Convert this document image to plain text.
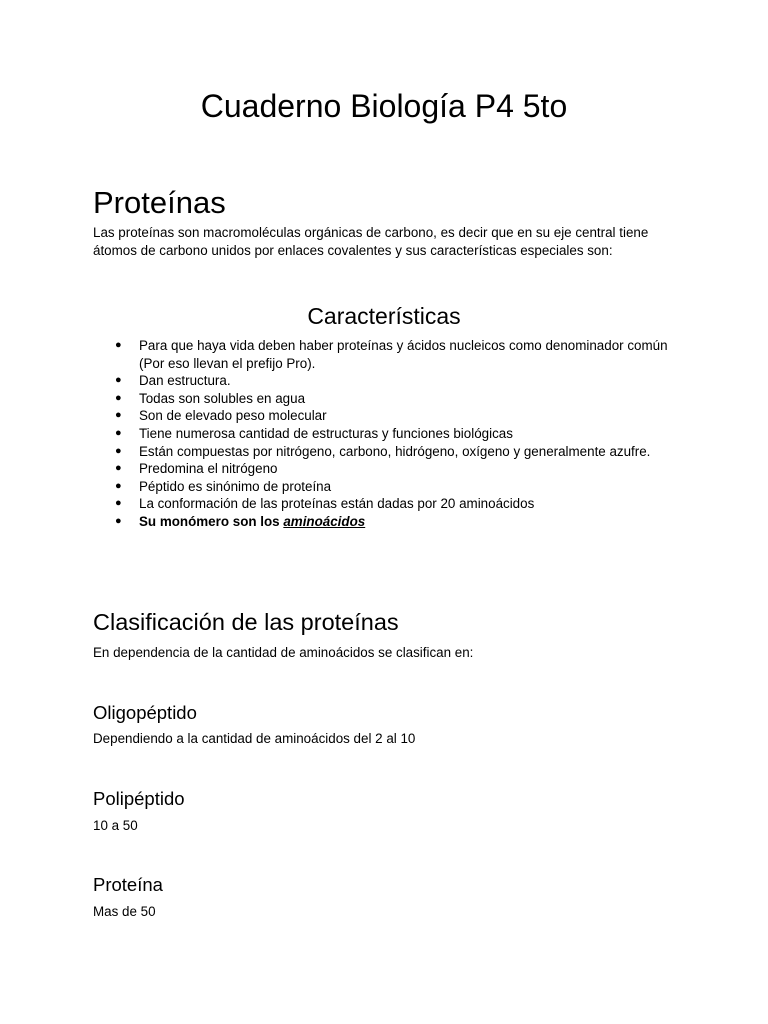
Cuaderno Biología P4 5to
Proteínas

Las proteínas son macromoléculas orgánicas de carbono, es decir que en su eje central tiene átomos de carbono unidos por enlaces covalentes y sus características especiales son:

Características
● Para que haya vida deben haber proteínas y ácidos nucleicos como denominador común (Por eso llevan el prefijo Pro).
● Dan estructura.
● Todas son solubles en agua
● Son de elevado peso molecular
● Tiene numerosa cantidad de estructuras y funciones biológicas
● Están compuestas por nitrógeno, carbono, hidrógeno, oxígeno y generalmente azufre.
● Predomina el nitrógeno
● Péptido es sinónimo de proteína
● La conformación de las proteínas están dadas por 20 aminoácidos
● Su monómero son los aminoácidos
Clasificación de las proteínas

En dependencia de la cantidad de aminoácidos se clasifican en:

Oligopéptido

Dependiendo a la cantidad de aminoácidos del 2 al 10

Polipéptido

10 a 50

Proteína

Mas de 50
